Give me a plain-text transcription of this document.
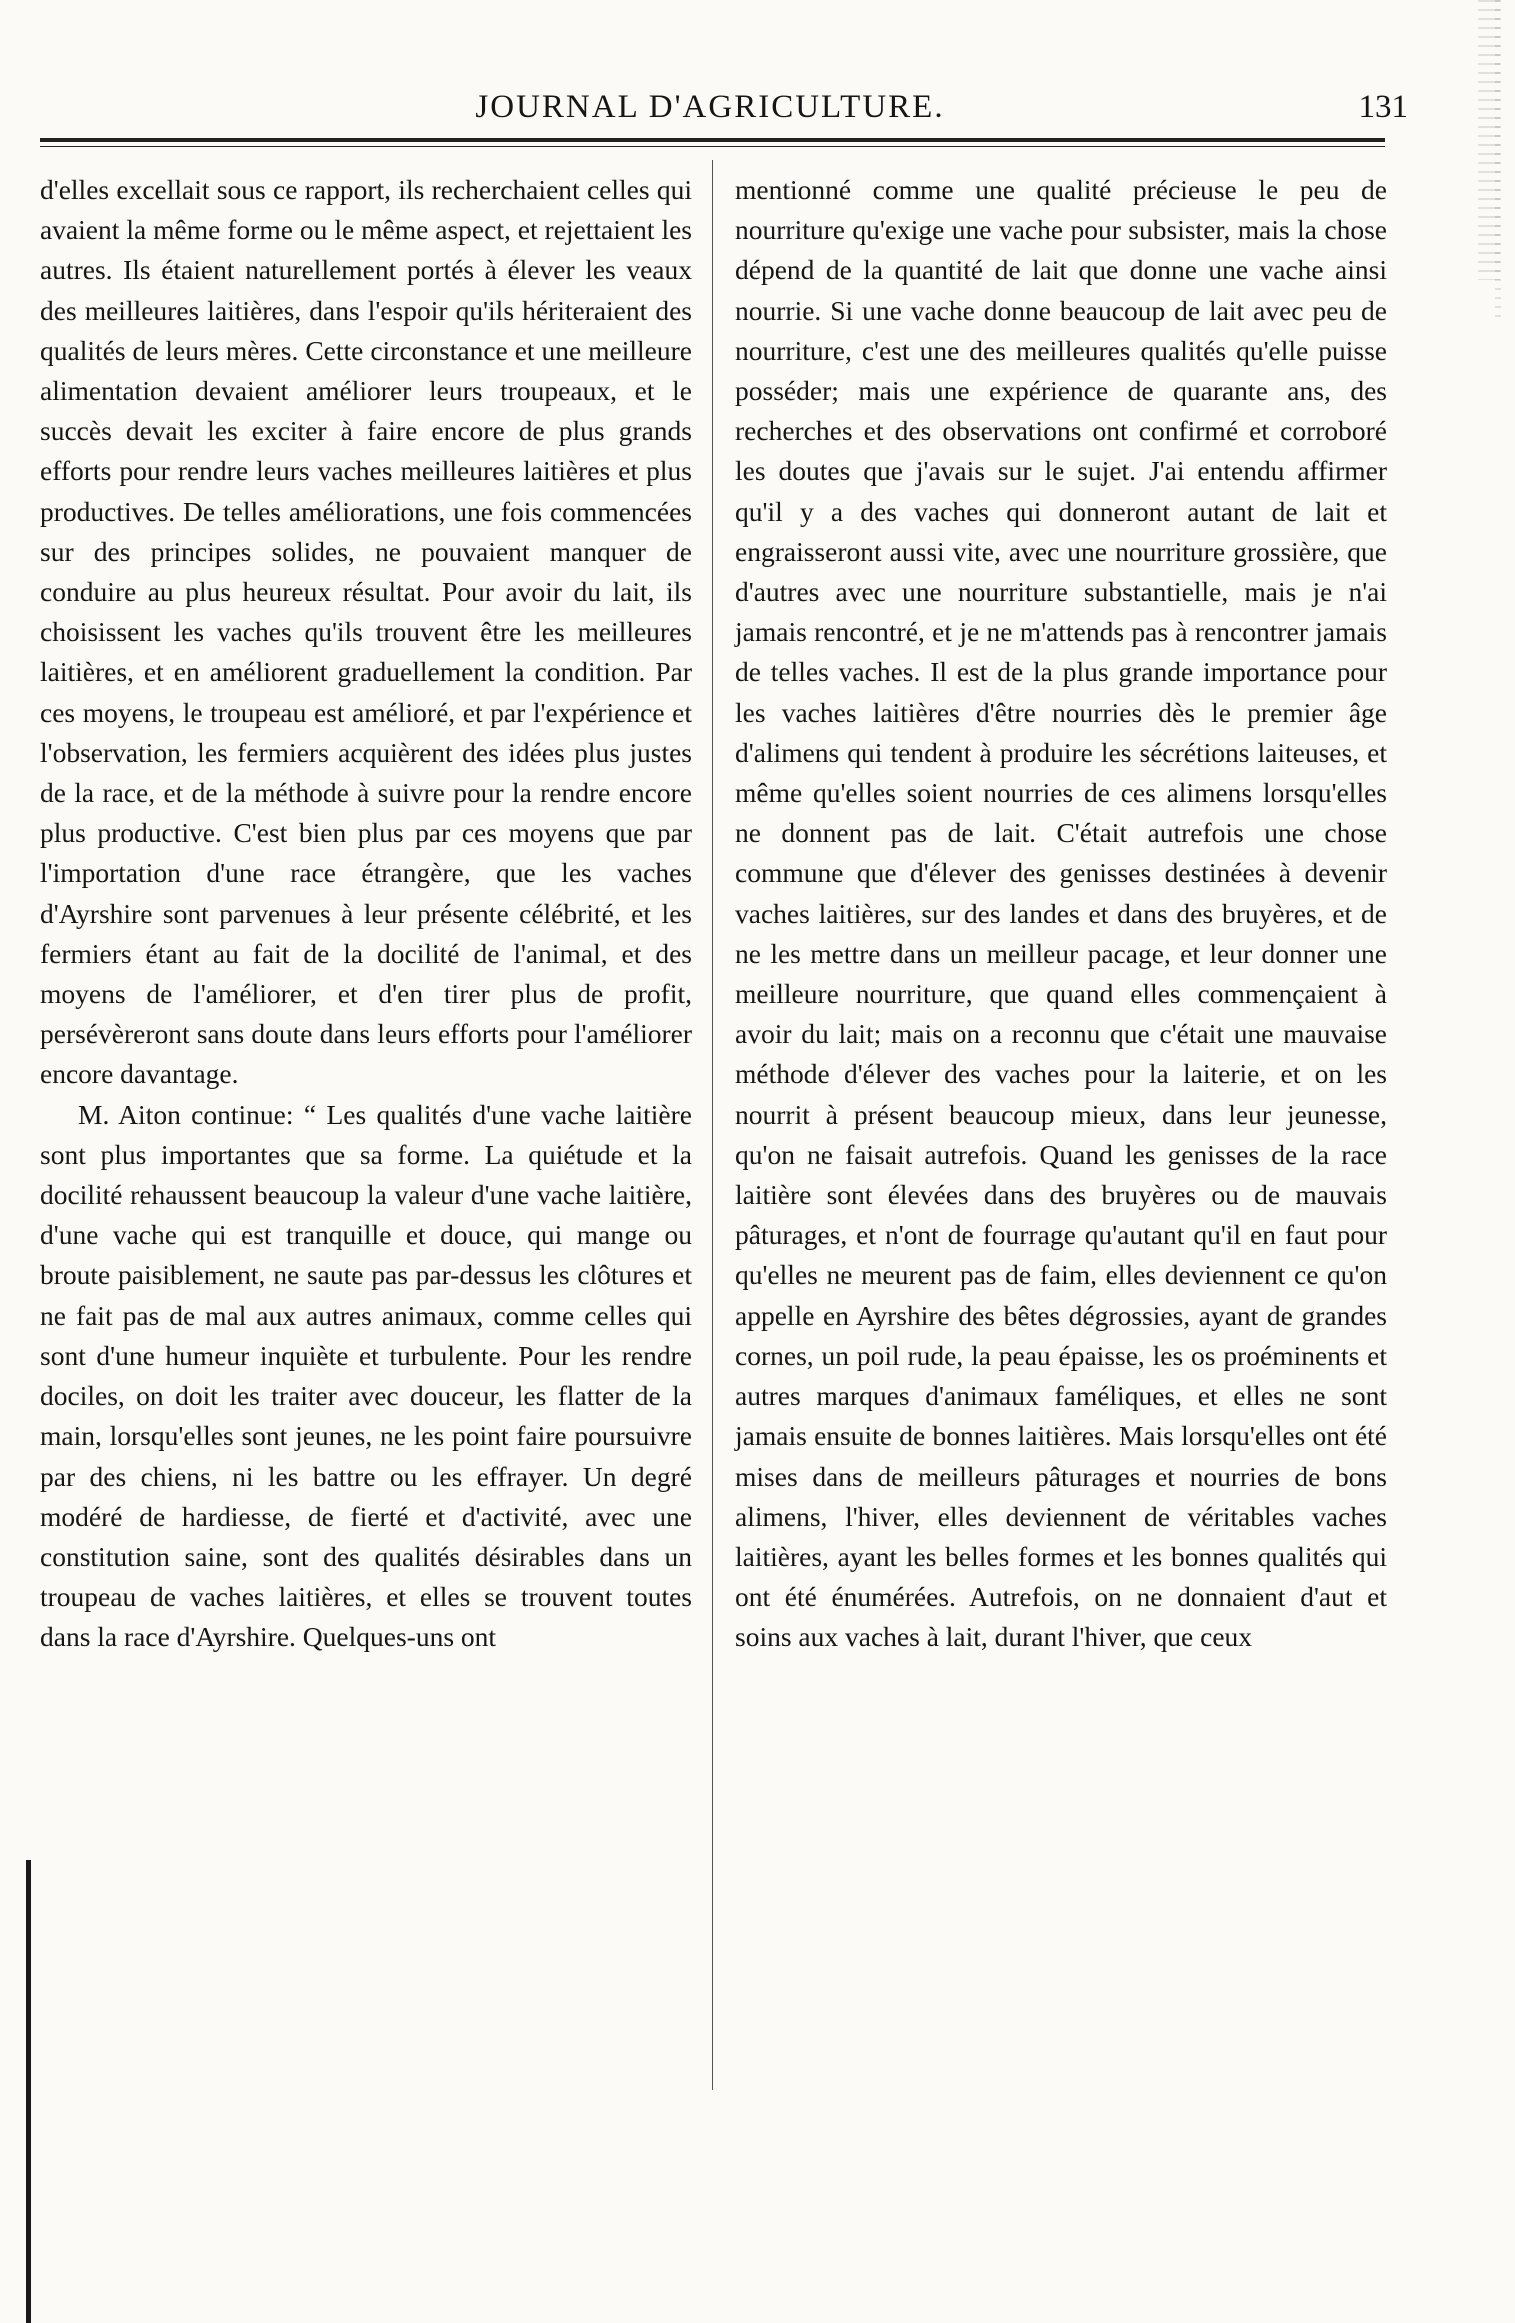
JOURNAL D'AGRICULTURE.	131

d'elles excellait sous ce rapport, ils recherchaient celles qui avaient la même forme ou le même aspect, et rejettaient les autres. Ils étaient naturellement portés à élever les veaux des meilleures laitières, dans l'espoir qu'ils hériteraient des qualités de leurs mères. Cette circonstance et une meilleure alimentation devaient améliorer leurs troupeaux, et le succès devait les exciter à faire encore de plus grands efforts pour rendre leurs vaches meilleures laitières et plus productives. De telles améliorations, une fois commencées sur des principes solides, ne pouvaient manquer de conduire au plus heureux résultat. Pour avoir du lait, ils choisissent les vaches qu'ils trouvent être les meilleures laitières, et en améliorent graduellement la condition. Par ces moyens, le troupeau est amélioré, et par l'expérience et l'observation, les fermiers acquièrent des idées plus justes de la race, et de la méthode à suivre pour la rendre encore plus productive. C'est bien plus par ces moyens que par l'importation d'une race étrangère, que les vaches d'Ayrshire sont parvenues à leur présente célébrité, et les fermiers étant au fait de la docilité de l'animal, et des moyens de l'améliorer, et d'en tirer plus de profit, persévèreront sans doute dans leurs efforts pour l'améliorer encore davantage.

M. Aiton continue: “ Les qualités d'une vache laitière sont plus importantes que sa forme. La quiétude et la docilité rehaussent beaucoup la valeur d'une vache laitière, d'une vache qui est tranquille et douce, qui mange ou broute paisiblement, ne saute pas par-dessus les clôtures et ne fait pas de mal aux autres animaux, comme celles qui sont d'une humeur inquiète et turbulente. Pour les rendre dociles, on doit les traiter avec douceur, les flatter de la main, lorsqu'elles sont jeunes, ne les point faire poursuivre par des chiens, ni les battre ou les effrayer. Un degré modéré de hardiesse, de fierté et d'activité, avec une constitution saine, sont des qualités désirables dans un troupeau de vaches laitières, et elles se trouvent toutes dans la race d'Ayrshire. Quelques-uns ont

mentionné comme une qualité précieuse le peu de nourriture qu'exige une vache pour subsister, mais la chose dépend de la quantité de lait que donne une vache ainsi nourrie. Si une vache donne beaucoup de lait avec peu de nourriture, c'est une des meilleures qualités qu'elle puisse posséder; mais une expérience de quarante ans, des recherches et des observations ont confirmé et corroboré les doutes que j'avais sur le sujet. J'ai entendu affirmer qu'il y a des vaches qui donneront autant de lait et engraisseront aussi vite, avec une nourriture grossière, que d'autres avec une nourriture substantielle, mais je n'ai jamais rencontré, et je ne m'attends pas à rencontrer jamais de telles vaches. Il est de la plus grande importance pour les vaches laitières d'être nourries dès le premier âge d'alimens qui tendent à produire les sécrétions laiteuses, et même qu'elles soient nourries de ces alimens lorsqu'elles ne donnent pas de lait. C'était autrefois une chose commune que d'élever des genisses destinées à devenir vaches laitières, sur des landes et dans des bruyères, et de ne les mettre dans un meilleur pacage, et leur donner une meilleure nourriture, que quand elles commençaient à avoir du lait; mais on a reconnu que c'était une mauvaise méthode d'élever des vaches pour la laiterie, et on les nourrit à présent beaucoup mieux, dans leur jeunesse, qu'on ne faisait autrefois. Quand les genisses de la race laitière sont élevées dans des bruyères ou de mauvais pâturages, et n'ont de fourrage qu'autant qu'il en faut pour qu'elles ne meurent pas de faim, elles deviennent ce qu'on appelle en Ayrshire des bêtes dégrossies, ayant de grandes cornes, un poil rude, la peau épaisse, les os proéminents et autres marques d'animaux faméliques, et elles ne sont jamais ensuite de bonnes laitières. Mais lorsqu'elles ont été mises dans de meilleurs pâturages et nourries de bons alimens, l'hiver, elles deviennent de véritables vaches laitières, ayant les belles formes et les bonnes qualités qui ont été énumérées. Autrefois, on ne donnaient d'aut et soins aux vaches à lait, durant l'hiver, que ceux
